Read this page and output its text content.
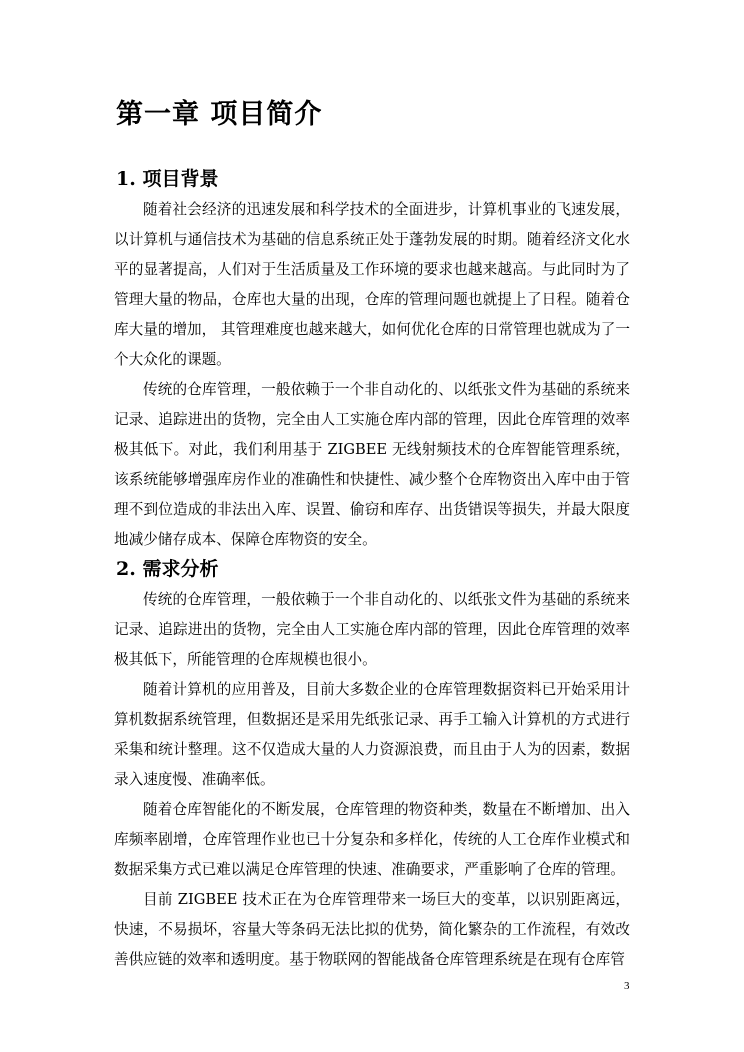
第一章 项目简介
1. 项目背景

随着社会经济的迅速发展和科学技术的全面进步，计算机事业的飞速发展，以计算机与通信技术为基础的信息系统正处于蓬勃发展的时期。随着经济文化水平的显著提高，人们对于生活质量及工作环境的要求也越来越高。与此同时为了管理大量的物品，仓库也大量的出现，仓库的管理问题也就提上了日程。随着仓库大量的增加， 其管理难度也越来越大，如何优化仓库的日常管理也就成为了一个大众化的课题。

传统的仓库管理，一般依赖于一个非自动化的、以纸张文件为基础的系统来记录、追踪进出的货物，完全由人工实施仓库内部的管理，因此仓库管理的效率极其低下。对此，我们利用基于 ZIGBEE 无线射频技术的仓库智能管理系统，该系统能够增强库房作业的准确性和快捷性、减少整个仓库物资出入库中由于管理不到位造成的非法出入库、误置、偷窃和库存、出货错误等损失，并最大限度地减少储存成本、保障仓库物资的安全。

2. 需求分析

传统的仓库管理，一般依赖于一个非自动化的、以纸张文件为基础的系统来记录、追踪进出的货物，完全由人工实施仓库内部的管理，因此仓库管理的效率极其低下，所能管理的仓库规模也很小。

随着计算机的应用普及，目前大多数企业的仓库管理数据资料已开始采用计算机数据系统管理，但数据还是采用先纸张记录、再手工输入计算机的方式进行采集和统计整理。这不仅造成大量的人力资源浪费，而且由于人为的因素，数据录入速度慢、准确率低。

随着仓库智能化的不断发展，仓库管理的物资种类，数量在不断增加、出入库频率剧增，仓库管理作业也已十分复杂和多样化，传统的人工仓库作业模式和数据采集方式已难以满足仓库管理的快速、准确要求，严重影响了仓库的管理。

目前 ZIGBEE 技术正在为仓库管理带来一场巨大的变革，以识别距离远，快速，不易损坏，容量大等条码无法比拟的优势，简化繁杂的工作流程，有效改善供应链的效率和透明度。基于物联网的智能战备仓库管理系统是在现有仓库管

3
